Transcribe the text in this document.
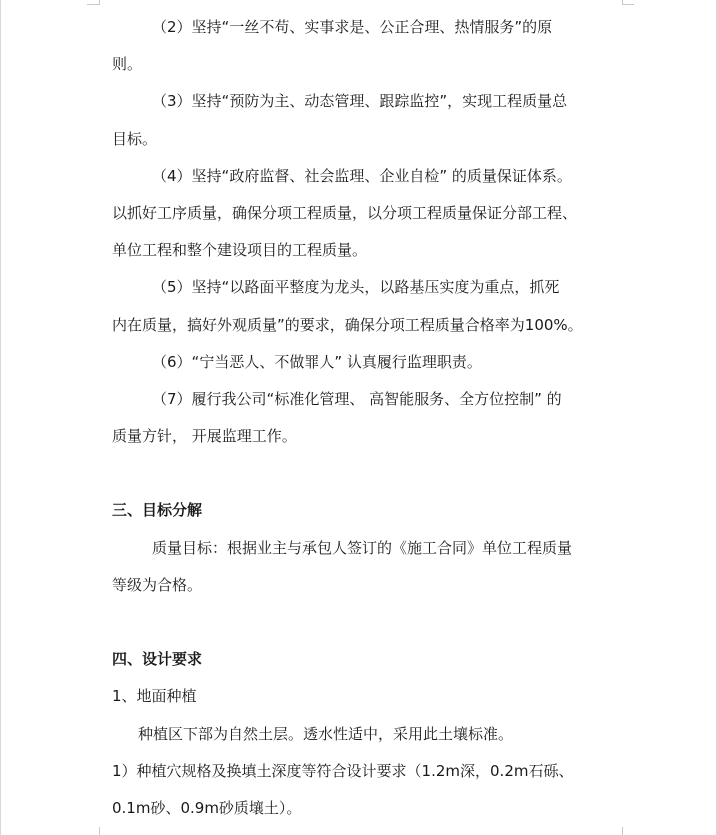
（2）坚持“一丝不苟、实事求是、公正合理、热情服务”的原
则。
（3）坚持“预防为主、动态管理、跟踪监控”，实现工程质量总
目标。
（4）坚持“政府监督、社会监理、企业自检” 的质量保证体系。
以抓好工序质量，确保分项工程质量，以分项工程质量保证分部工程、
单位工程和整个建设项目的工程质量。
（5）坚持“以路面平整度为龙头，以路基压实度为重点，抓死
内在质量，搞好外观质量”的要求，确保分项工程质量合格率为100%。
（6）“宁当恶人、不做罪人” 认真履行监理职责。
（7）履行我公司“标准化管理、 高智能服务、全方位控制” 的
质量方针， 开展监理工作。
三、目标分解
质量目标：根据业主与承包人签订的《施工合同》单位工程质量
等级为合格。
四、设计要求
1、地面种植
种植区下部为自然土层。透水性适中，采用此土壤标准。
1）种植穴规格及换填土深度等符合设计要求（1.2m深，0.2m石砾、
0.1m砂、0.9m砂质壤土）。
